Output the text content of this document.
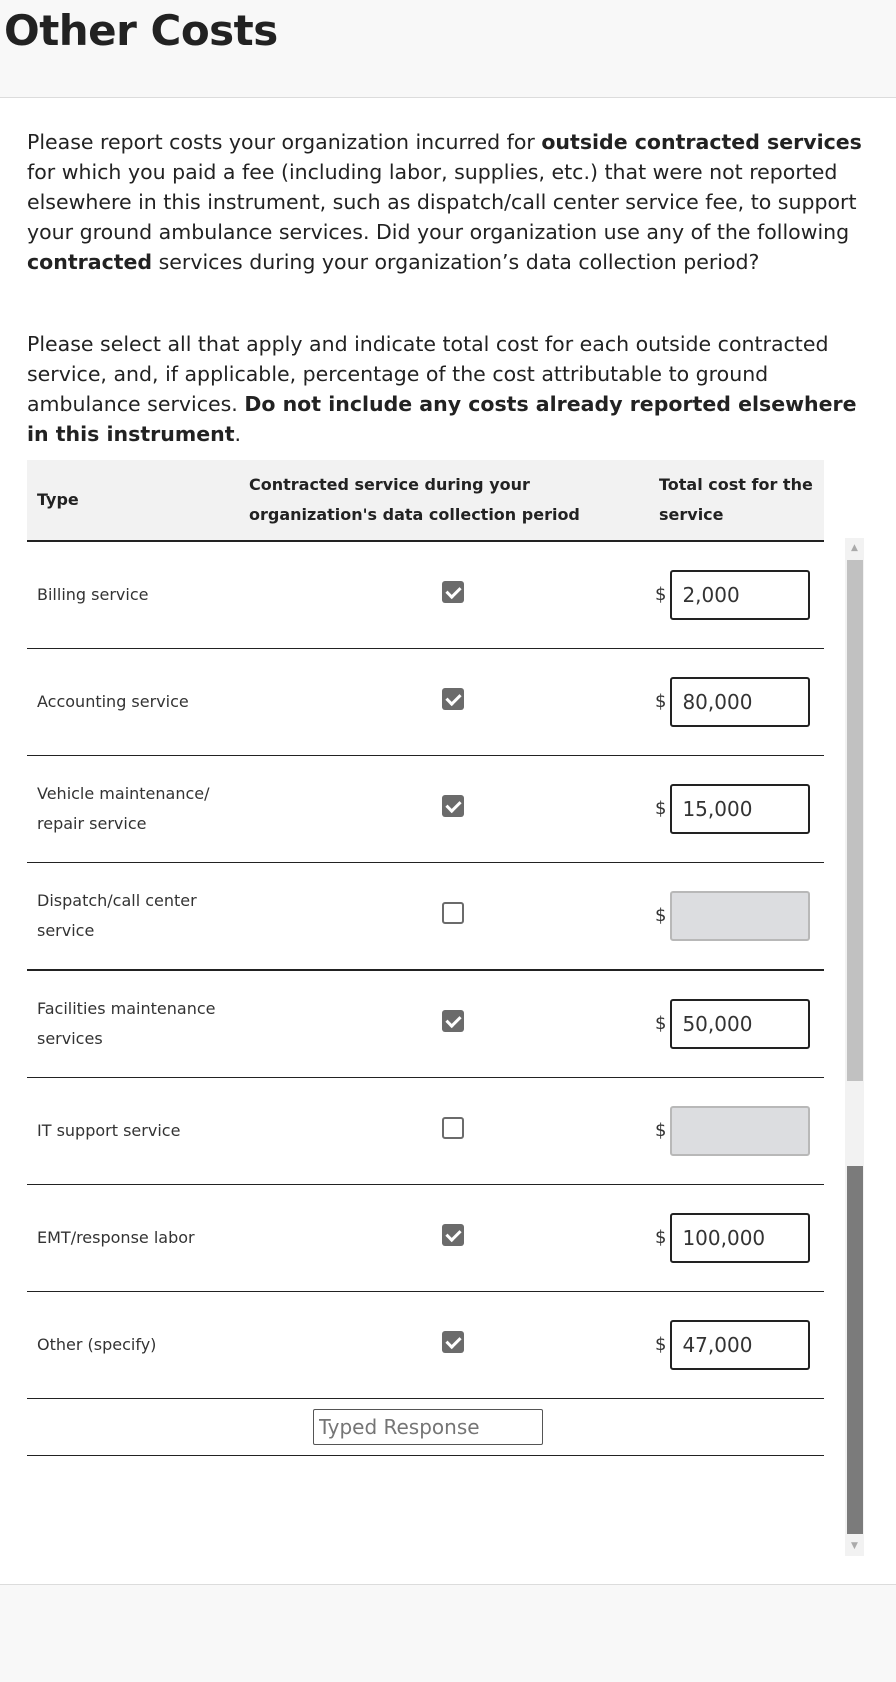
Other Costs

Please report costs your organization incurred for outside contracted services for which you paid a fee (including labor, supplies, etc.) that were not reported elsewhere in this instrument, such as dispatch/call center service fee, to support your ground ambulance services. Did your organization use any of the following contracted services during your organization’s data collection period?

Please select all that apply and indicate total cost for each outside contracted service, and, if applicable, percentage of the cost attributable to ground ambulance services. Do not include any costs already reported elsewhere in this instrument.

Type	Contracted service during your organization's data collection period	Total cost for the service
Billing service		$2,000
Accounting service		$80,000
Vehicle maintenance/ repair service		$15,000
Dispatch/call center service		$
Facilities maintenance services		$50,000
IT support service		$
EMT/response labor		$100,000
Other (specify)		$47,000
Typed Response
▲
▼
